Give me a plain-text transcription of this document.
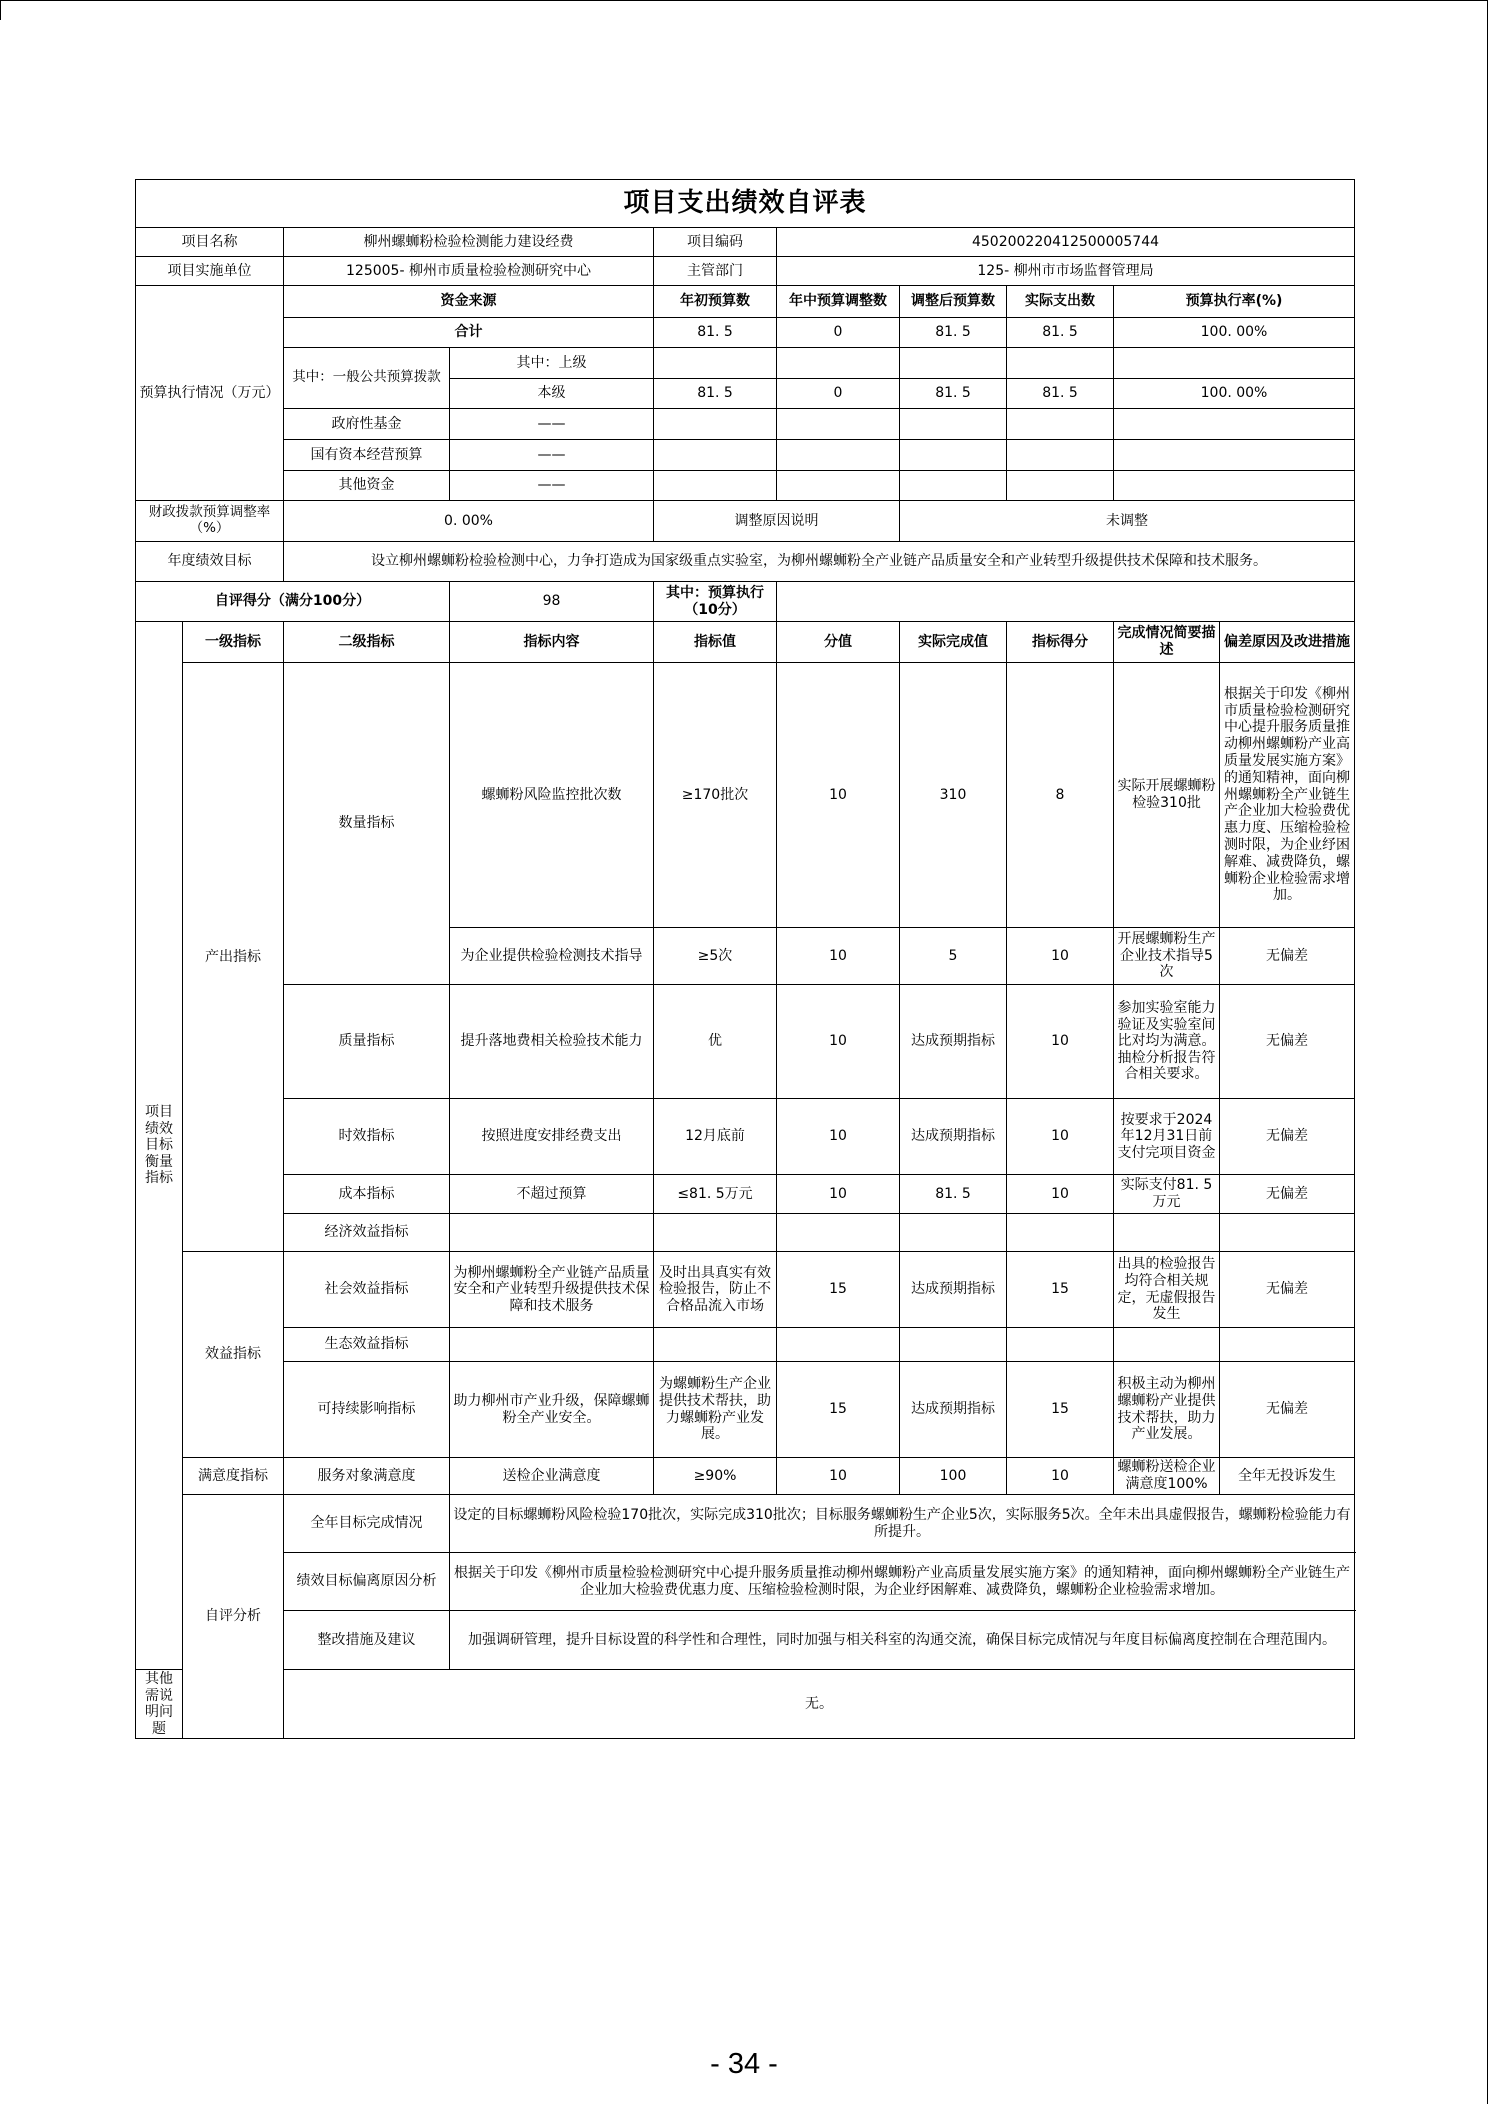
项目支出绩效自评表									
项目名称		柳州螺蛳粉检验检测能力建设经费		项目编码	450200220412500005744				
项目实施单位		125005- 柳州市质量检验检测研究中心		主管部门	125- 柳州市市场监督管理局				
预算执行情况（万元）		资金来源		年初预算数	年中预算调整数	调整后预算数	实际支出数	预算执行率(%)	
		合计		81. 5	0	81. 5	81. 5	100. 00%	
		其中：一般公共预算拨款	其中：上级						
			本级	81. 5	0	81. 5	81. 5	100. 00%	
		政府性基金	——						
		国有资本经营预算	——						
		其他资金	——						
财政拨款预算调整率（%）		0. 00%		调整原因说明		未调整			
年度绩效目标		设立柳州螺蛳粉检验检测中心，力争打造成为国家级重点实验室，为柳州螺蛳粉全产业链产品质量安全和产业转型升级提供技术保障和技术服务。							
自评得分（满分100分）			98	其中：预算执行（10分）					
项目绩效目标衡量指标	一级指标	二级指标	指标内容	指标值	分值	实际完成值	指标得分	完成情况简要描述	偏差原因及改进措施
	产出指标	数量指标	螺蛳粉风险监控批次数	≥170批次	10	310	8	实际开展螺蛳粉检验310批	根据关于印发《柳州市质量检验检测研究中心提升服务质量推动柳州螺蛳粉产业高质量发展实施方案》的通知精神，面向柳州螺蛳粉全产业链生产企业加大检验费优惠力度、压缩检验检测时限，为企业纾困解难、减费降负，螺蛳粉企业检验需求增加。
			为企业提供检验检测技术指导	≥5次	10	5	10	开展螺蛳粉生产企业技术指导5次	无偏差
		质量指标	提升落地费相关检验技术能力	优	10	达成预期指标	10	参加实验室能力验证及实验室间比对均为满意。抽检分析报告符合相关要求。	无偏差
		时效指标	按照进度安排经费支出	12月底前	10	达成预期指标	10	按要求于2024年12月31日前支付完项目资金	无偏差
		成本指标	不超过预算	≤81. 5万元	10	81. 5	10	实际支付81. 5万元	无偏差
		经济效益指标							
	效益指标	社会效益指标	为柳州螺蛳粉全产业链产品质量安全和产业转型升级提供技术保障和技术服务	及时出具真实有效检验报告，防止不合格品流入市场	15	达成预期指标	15	出具的检验报告均符合相关规定，无虚假报告发生	无偏差
		生态效益指标							
		可持续影响指标	助力柳州市产业升级，保障螺蛳粉全产业安全。	为螺蛳粉生产企业提供技术帮扶，助力螺蛳粉产业发展。	15	达成预期指标	15	积极主动为柳州螺蛳粉产业提供技术帮扶，助力产业发展。	无偏差
	满意度指标	服务对象满意度	送检企业满意度	≥90%	10	100	10	螺蛳粉送检企业满意度100%	全年无投诉发生
	自评分析	全年目标完成情况	设定的目标螺蛳粉风险检验170批次，实际完成310批次；目标服务螺蛳粉生产企业5次，实际服务5次。全年未出具虚假报告，螺蛳粉检验能力有所提升。						
		绩效目标偏离原因分析	根据关于印发《柳州市质量检验检测研究中心提升服务质量推动柳州螺蛳粉产业高质量发展实施方案》的通知精神，面向柳州螺蛳粉全产业链生产企业加大检验费优惠力度、压缩检验检测时限，为企业纾困解难、减费降负，螺蛳粉企业检验需求增加。						
		整改措施及建议	加强调研管理，提升目标设置的科学性和合理性，同时加强与相关科室的沟通交流，确保目标完成情况与年度目标偏离度控制在合理范围内。						
其他需说明问题		无。							
- 34 -
